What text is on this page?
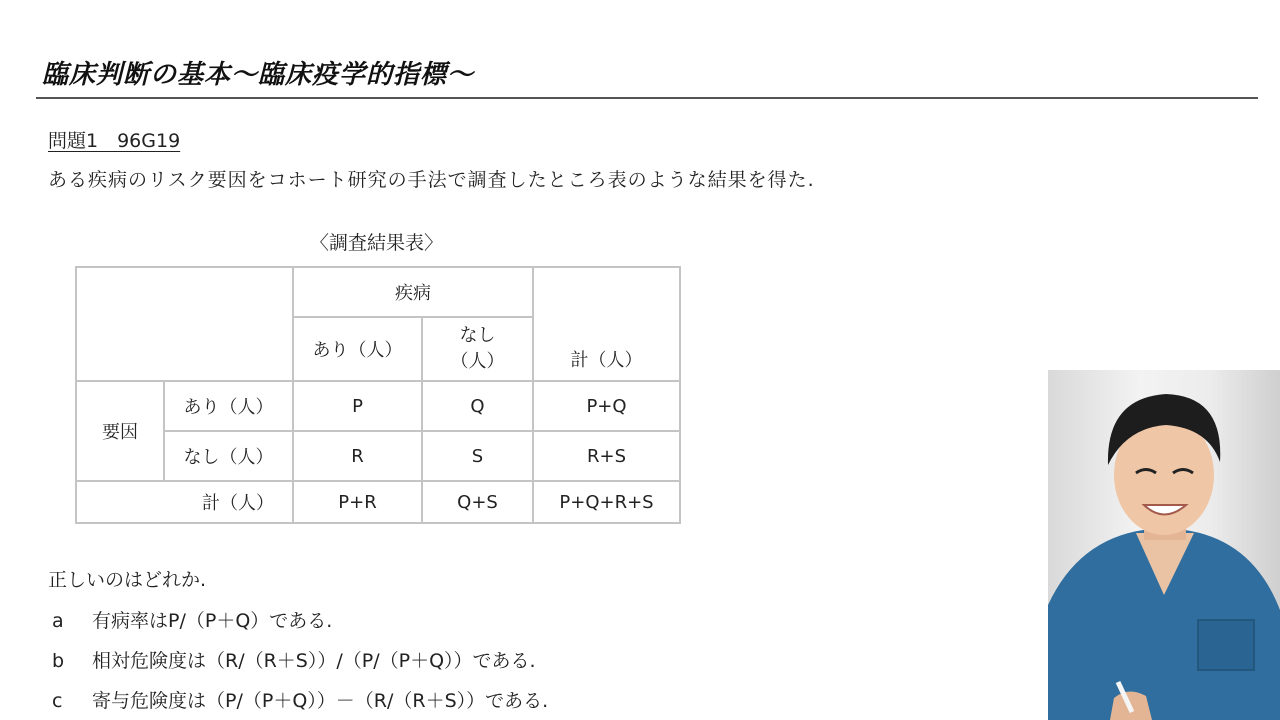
臨床判断の基本〜臨床疫学的指標〜
問題1　96G19
ある疾病のリスク要因をコホート研究の手法で調査したところ表のような結果を得た.
〈調査結果表〉
		疾病		計（人）
		あり（人）	なし
（人）	

要因	あり（人）	P	Q	P+Q
	なし（人）	R	S	R+S
計（人）		P+R	Q+S	P+Q+R+S
正しいのはどれか.
a 有病率はP/（P＋Q）である.
b 相対危険度は（R/（R＋S））/（P/（P＋Q））である.
c 寄与危険度は（P/（P＋Q））－（R/（R＋S））である.
